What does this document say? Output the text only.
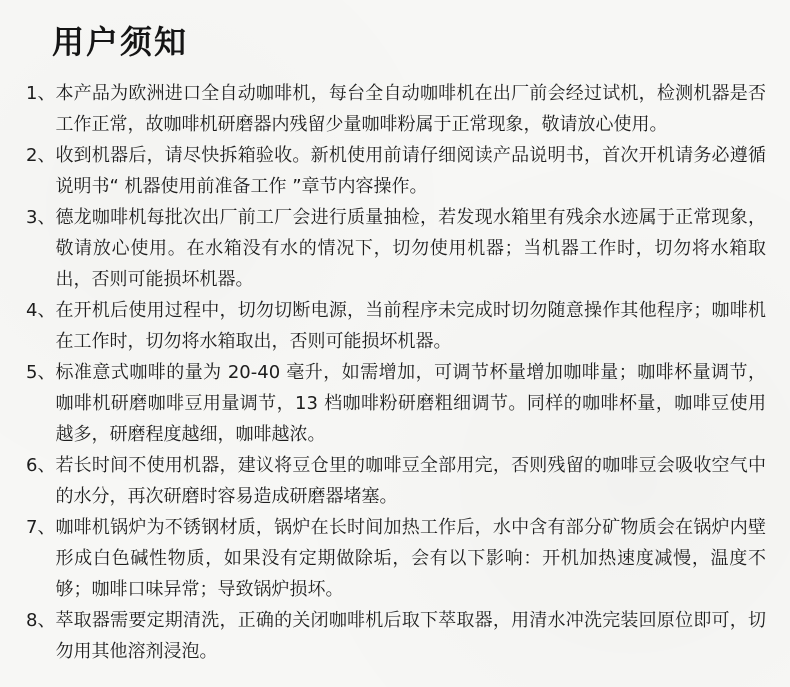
用户须知
1、 本产品为欧洲进口全自动咖啡机，每台全自动咖啡机在出厂前会经过试机，检测机器是否工作正常，故咖啡机研磨器内残留少量咖啡粉属于正常现象，敬请放心使用。
2、 收到机器后，请尽快拆箱验收。新机使用前请仔细阅读产品说明书，首次开机请务必遵循说明书“ 机器使用前准备工作 ”章节内容操作。
3、 德龙咖啡机每批次出厂前工厂会进行质量抽检，若发现水箱里有残余水迹属于正常现象，敬请放心使用。在水箱没有水的情况下，切勿使用机器；当机器工作时，切勿将水箱取出，否则可能损坏机器。
4、 在开机后使用过程中，切勿切断电源，当前程序未完成时切勿随意操作其他程序；咖啡机在工作时，切勿将水箱取出，否则可能损坏机器。
5、 标准意式咖啡的量为 20-40 毫升，如需增加，可调节杯量增加咖啡量；咖啡杯量调节，咖啡机研磨咖啡豆用量调节，13 档咖啡粉研磨粗细调节。同样的咖啡杯量，咖啡豆使用越多，研磨程度越细，咖啡越浓。
6、 若长时间不使用机器，建议将豆仓里的咖啡豆全部用完，否则残留的咖啡豆会吸收空气中的水分，再次研磨时容易造成研磨器堵塞。
7、 咖啡机锅炉为不锈钢材质，锅炉在长时间加热工作后，水中含有部分矿物质会在锅炉内壁形成白色碱性物质，如果没有定期做除垢，会有以下影响：开机加热速度减慢，温度不够；咖啡口味异常；导致锅炉损坏。
8、 萃取器需要定期清洗，正确的关闭咖啡机后取下萃取器，用清水冲洗完装回原位即可，切勿用其他溶剂浸泡。
